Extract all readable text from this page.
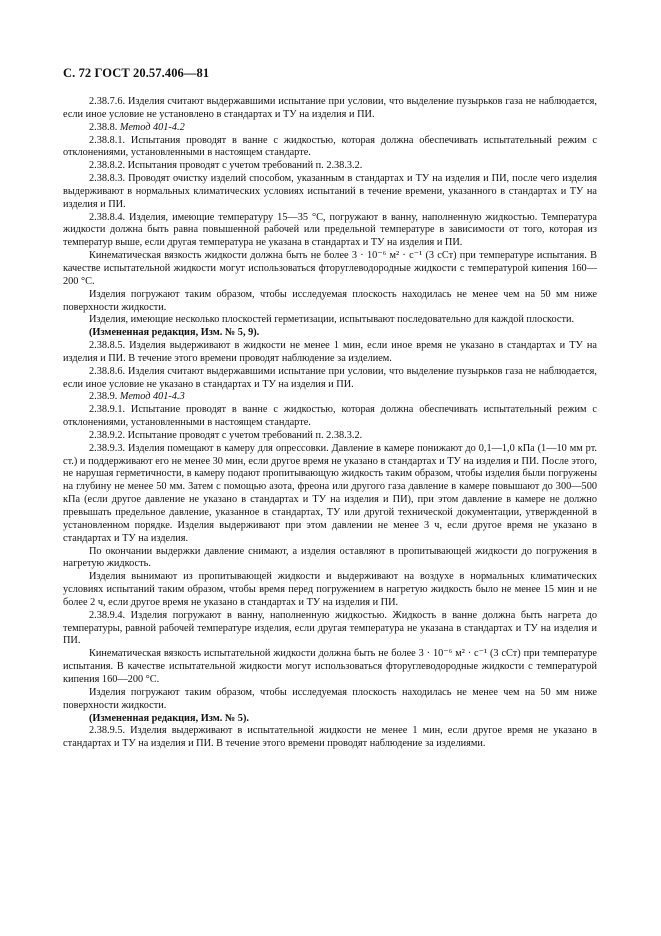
С. 72 ГОСТ 20.57.406—81

2.38.7.6. Изделия считают выдержавшими испытание при условии, что выделение пузырьков газа не наблюдается, если иное условие не установлено в стандартах и ТУ на изделия и ПИ.

2.38.8. Метод 401-4.2

2.38.8.1. Испытания проводят в ванне с жидкостью, которая должна обеспечивать испытательный режим с отклонениями, установленными в настоящем стандарте.

2.38.8.2. Испытания проводят с учетом требований п. 2.38.3.2.

2.38.8.3. Проводят очистку изделий способом, указанным в стандартах и ТУ на изделия и ПИ, после чего изделия выдерживают в нормальных климатических условиях испытаний в течение времени, указанного в стандартах и ТУ на изделия и ПИ.

2.38.8.4. Изделия, имеющие температуру 15—35 °С, погружают в ванну, наполненную жидкостью. Температура жидкости должна быть равна повышенной рабочей или предельной температуре в зависимости от того, которая из температур выше, если другая температура не указана в стандартах и ТУ на изделия и ПИ.

Кинематическая вязкость жидкости должна быть не более 3 · 10⁻⁶ м² · с⁻¹ (3 сСт) при температуре испытания. В качестве испытательной жидкости могут использоваться фторуглеводородные жидкости с температурой кипения 160—200 °С.

Изделия погружают таким образом, чтобы исследуемая плоскость находилась не менее чем на 50 мм ниже поверхности жидкости.

Изделия, имеющие несколько плоскостей герметизации, испытывают последовательно для каждой плоскости.

(Измененная редакция, Изм. № 5, 9).

2.38.8.5. Изделия выдерживают в жидкости не менее 1 мин, если иное время не указано в стандартах и ТУ на изделия и ПИ. В течение этого времени проводят наблюдение за изделием.

2.38.8.6. Изделия считают выдержавшими испытание при условии, что выделение пузырьков газа не наблюдается, если иное условие не указано в стандартах и ТУ на изделия и ПИ.

2.38.9. Метод 401-4.3

2.38.9.1. Испытание проводят в ванне с жидкостью, которая должна обеспечивать испытательный режим с отклонениями, установленными в настоящем стандарте.

2.38.9.2. Испытание проводят с учетом требований п. 2.38.3.2.

2.38.9.3. Изделия помещают в камеру для опрессовки. Давление в камере понижают до 0,1—1,0 кПа (1—10 мм рт. ст.) и поддерживают его не менее 30 мин, если другое время не указано в стандартах и ТУ на изделия и ПИ. После этого, не нарушая герметичности, в камеру подают пропитывающую жидкость таким образом, чтобы изделия были погружены на глубину не менее 50 мм. Затем с помощью азота, фреона или другого газа давление в камере повышают до 300—500 кПа (если другое давление не указано в стандартах и ТУ на изделия и ПИ), при этом давление в камере не должно превышать предельное давление, указанное в стандартах, ТУ или другой технической документации, утвержденной в установленном порядке. Изделия выдерживают при этом давлении не менее 3 ч, если другое время не указано в стандартах и ТУ на изделия.

По окончании выдержки давление снимают, а изделия оставляют в пропитывающей жидкости до погружения в нагретую жидкость.

Изделия вынимают из пропитывающей жидкости и выдерживают на воздухе в нормальных климатических условиях испытаний таким образом, чтобы время перед погружением в нагретую жидкость было не менее 15 мин и не более 2 ч, если другое время не указано в стандартах и ТУ на изделия и ПИ.

2.38.9.4. Изделия погружают в ванну, наполненную жидкостью. Жидкость в ванне должна быть нагрета до температуры, равной рабочей температуре изделия, если другая температура не указана в стандартах и ТУ на изделия и ПИ.

Кинематическая вязкость испытательной жидкости должна быть не более 3 · 10⁻⁶ м² · с⁻¹ (3 сСт) при температуре испытания. В качестве испытательной жидкости могут использоваться фторуглеводородные жидкости с температурой кипения 160—200 °С.

Изделия погружают таким образом, чтобы исследуемая плоскость находилась не менее чем на 50 мм ниже поверхности жидкости.

(Измененная редакция, Изм. № 5).

2.38.9.5. Изделия выдерживают в испытательной жидкости не менее 1 мин, если другое время не указано в стандартах и ТУ на изделия и ПИ. В течение этого времени проводят наблюдение за изделиями.
